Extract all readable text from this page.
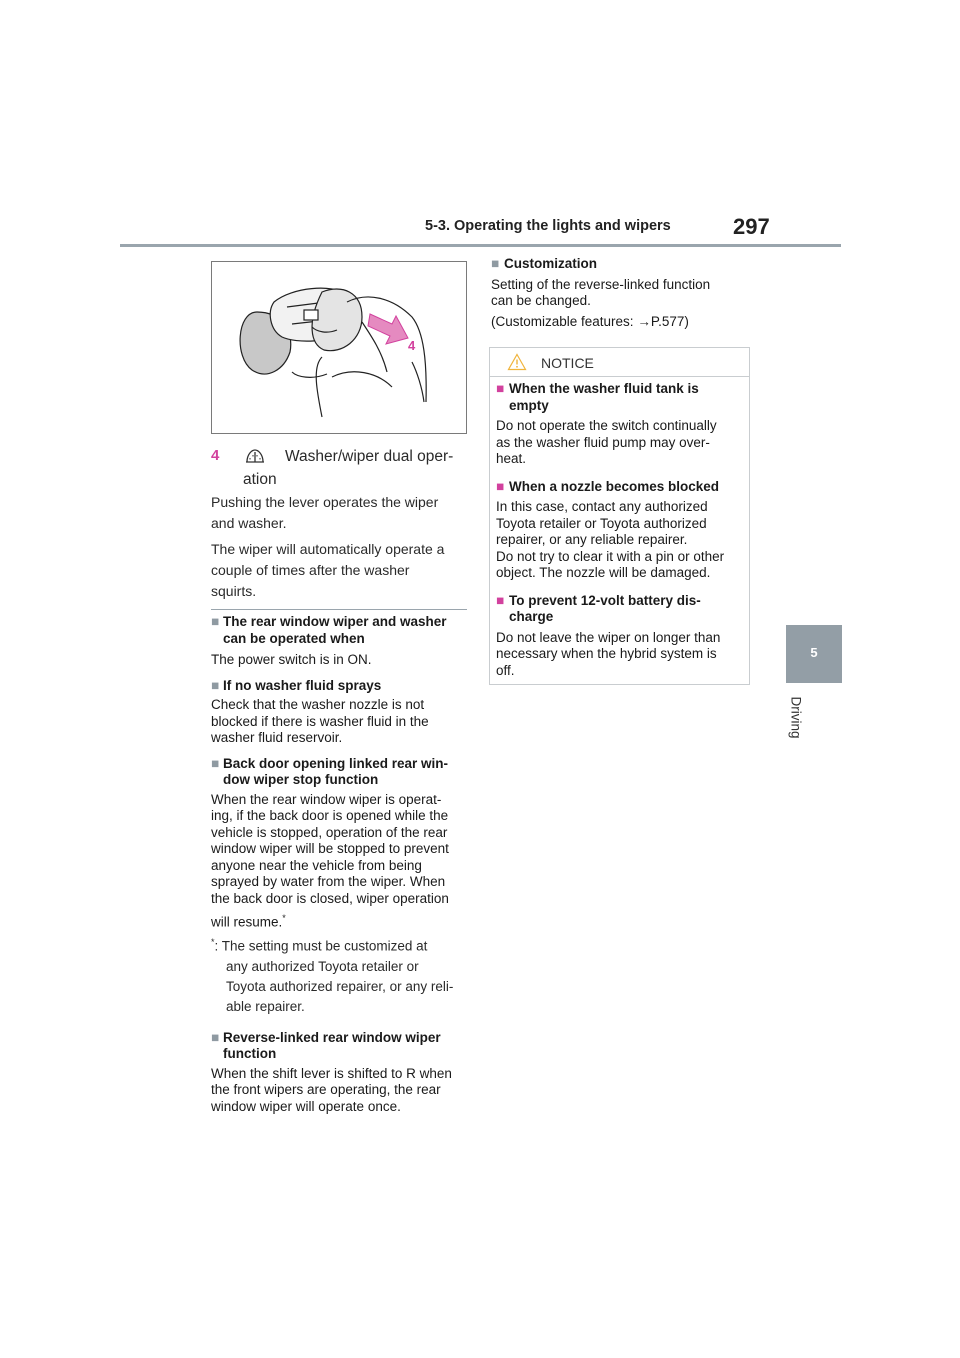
5-3. Operating the lights and wipers	297
5
Driving
4
4	Washer/wiper dual oper-
ation
Pushing the lever operates the wiper
and washer.
The wiper will automatically operate a
couple of times after the washer
squirts.
■ The rear window wiper and washer
can be operated when
The power switch is in ON.
■ If no washer fluid sprays
Check that the washer nozzle is not
blocked if there is washer fluid in the
washer fluid reservoir.
■ Back door opening linked rear win-
dow wiper stop function
When the rear window wiper is operat-
ing, if the back door is opened while the
vehicle is stopped, operation of the rear
window wiper will be stopped to prevent
anyone near the vehicle from being
sprayed by water from the wiper. When
the back door is closed, wiper operation
will resume.*
*: The setting must be customized at
any authorized Toyota retailer or
Toyota authorized repairer, or any reli-
able repairer.
■ Reverse-linked rear window wiper
function
When the shift lever is shifted to R when
the front wipers are operating, the rear
window wiper will operate once.
■ Customization
Setting of the reverse-linked function
can be changed.
(Customizable features: →P.577)
NOTICE
■ When the washer fluid tank is
empty
Do not operate the switch continually
as the washer fluid pump may over-
heat.
■ When a nozzle becomes blocked
In this case, contact any authorized
Toyota retailer or Toyota authorized
repairer, or any reliable repairer.
Do not try to clear it with a pin or other
object. The nozzle will be damaged.
■ To prevent 12-volt battery dis-
charge
Do not leave the wiper on longer than
necessary when the hybrid system is
off.
